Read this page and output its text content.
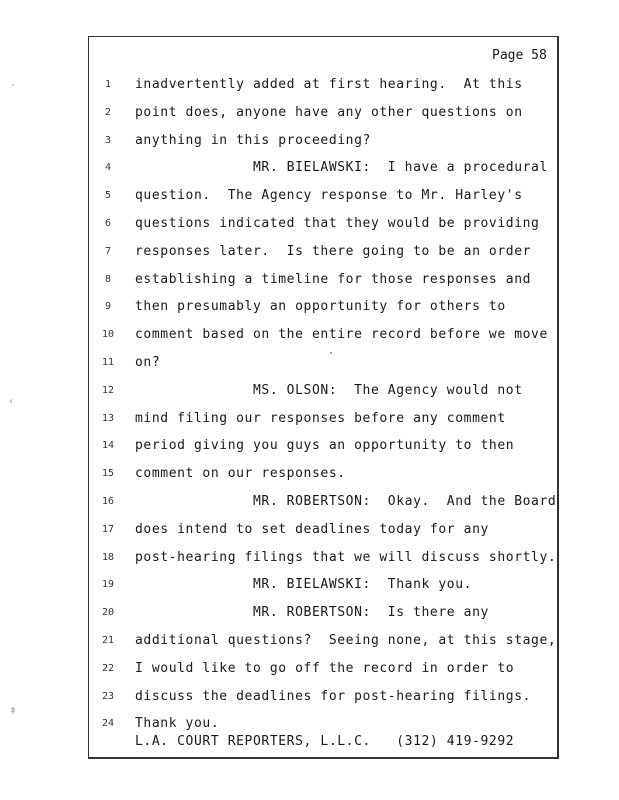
Page 58
1	inadvertently added at first hearing.  At this
2	point does, anyone have any other questions on
3	anything in this proceeding?
4	MR. BIELAWSKI:  I have a procedural
5	question.  The Agency response to Mr. Harley's
6	questions indicated that they would be providing
7	responses later.  Is there going to be an order
8	establishing a timeline for those responses and
9	then presumably an opportunity for others to
10	comment based on the entire record before we move
11	on?
12	MS. OLSON:  The Agency would not
13	mind filing our responses before any comment
14	period giving you guys an opportunity to then
15	comment on our responses.
16	MR. ROBERTSON:  Okay.  And the Board
17	does intend to set deadlines today for any
18	post-hearing filings that we will discuss shortly.
19	MR. BIELAWSKI:  Thank you.
20	MR. ROBERTSON:  Is there any
21	additional questions?  Seeing none, at this stage,
22	I would like to go off the record in order to
23	discuss the deadlines for post-hearing filings.
24	Thank you.
L.A. COURT REPORTERS, L.L.C.   (312) 419-9292
·
‹
ǂ
